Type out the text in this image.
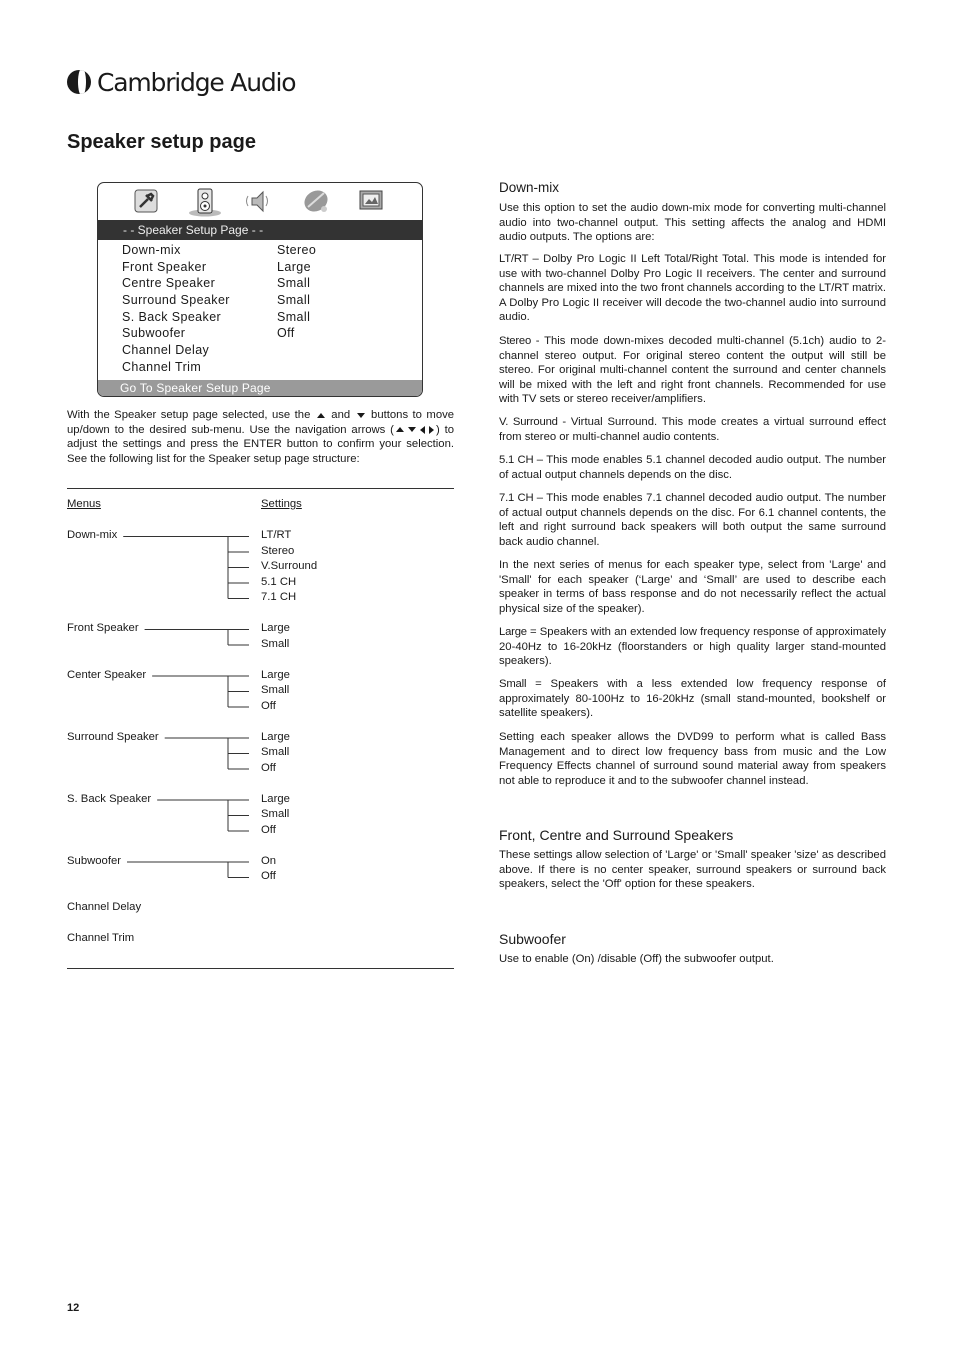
Cambridge Audio
Speaker setup page
- - Speaker Setup Page - -
Down-mix	Stereo
Front Speaker	Large
Centre Speaker	Small
Surround Speaker	Small
S. Back Speaker	Small
Subwoofer	Off
Channel Delay
Channel Trim
Go To Speaker Setup Page
With the Speaker setup page selected, use the and buttons to move up/down to the desired sub-menu. Use the navigation arrows (	) to adjust the settings and press the ENTER button to confirm your selection. See the following list for the Speaker setup page structure:
Menus	Settings
Down-mix	LT/RT
Stereo
V.Surround
5.1 CH
7.1 CH
Front Speaker	Large
Small
Center Speaker	Large
Small
Off
Surround Speaker	Large
Small
Off
S. Back Speaker	Large
Small
Off
Subwoofer	On
Off
Channel Delay
Channel Trim
Down-mix
Use this option to set the audio down-mix mode for converting multi-channel audio into two-channel output. This setting affects the analog and HDMI audio outputs. The options are:
LT/RT – Dolby Pro Logic II Left Total/Right Total. This mode is intended for use with two-channel Dolby Pro Logic II receivers. The center and surround channels are mixed into the two front channels according to the LT/RT matrix. A Dolby Pro Logic II receiver will decode the two-channel audio into surround audio.
Stereo - This mode down-mixes decoded multi-channel (5.1ch) audio to 2-channel stereo output. For original stereo content the output will still be stereo. For original multi-channel content the surround and center channels will be mixed with the left and right front channels. Recommended for use with TV sets or stereo receiver/amplifiers.
V. Surround - Virtual Surround. This mode creates a virtual surround effect from stereo or multi-channel audio contents.
5.1 CH – This mode enables 5.1 channel decoded audio output. The number of actual output channels depends on the disc.
7.1 CH – This mode enables 7.1 channel decoded audio output. The number of actual output channels depends on the disc. For 6.1 channel contents, the left and right surround back speakers will both output the same surround back audio channel.
In the next series of menus for each speaker type, select from 'Large' and 'Small' for each speaker (‘Large’ and ‘Small’ are used to describe each speaker in terms of bass response and do not necessarily reflect the actual physical size of the speaker).
Large = Speakers with an extended low frequency response of approximately 20-40Hz to 16-20kHz (floorstanders or high quality larger stand-mounted speakers).
Small = Speakers with a less extended low frequency response of approximately 80-100Hz to 16-20kHz (small stand-mounted, bookshelf or satellite speakers).
Setting each speaker allows the DVD99 to perform what is called Bass Management and to direct low frequency bass from music and the Low Frequency Effects channel of surround sound material away from speakers not able to reproduce it and to the subwoofer channel instead.
Front, Centre and Surround Speakers
These settings allow selection of 'Large' or 'Small' speaker 'size' as described above. If there is no center speaker, surround speakers or surround back speakers, select the 'Off' option for these speakers.
Subwoofer
Use to enable (On) /disable (Off) the subwoofer output.
12
